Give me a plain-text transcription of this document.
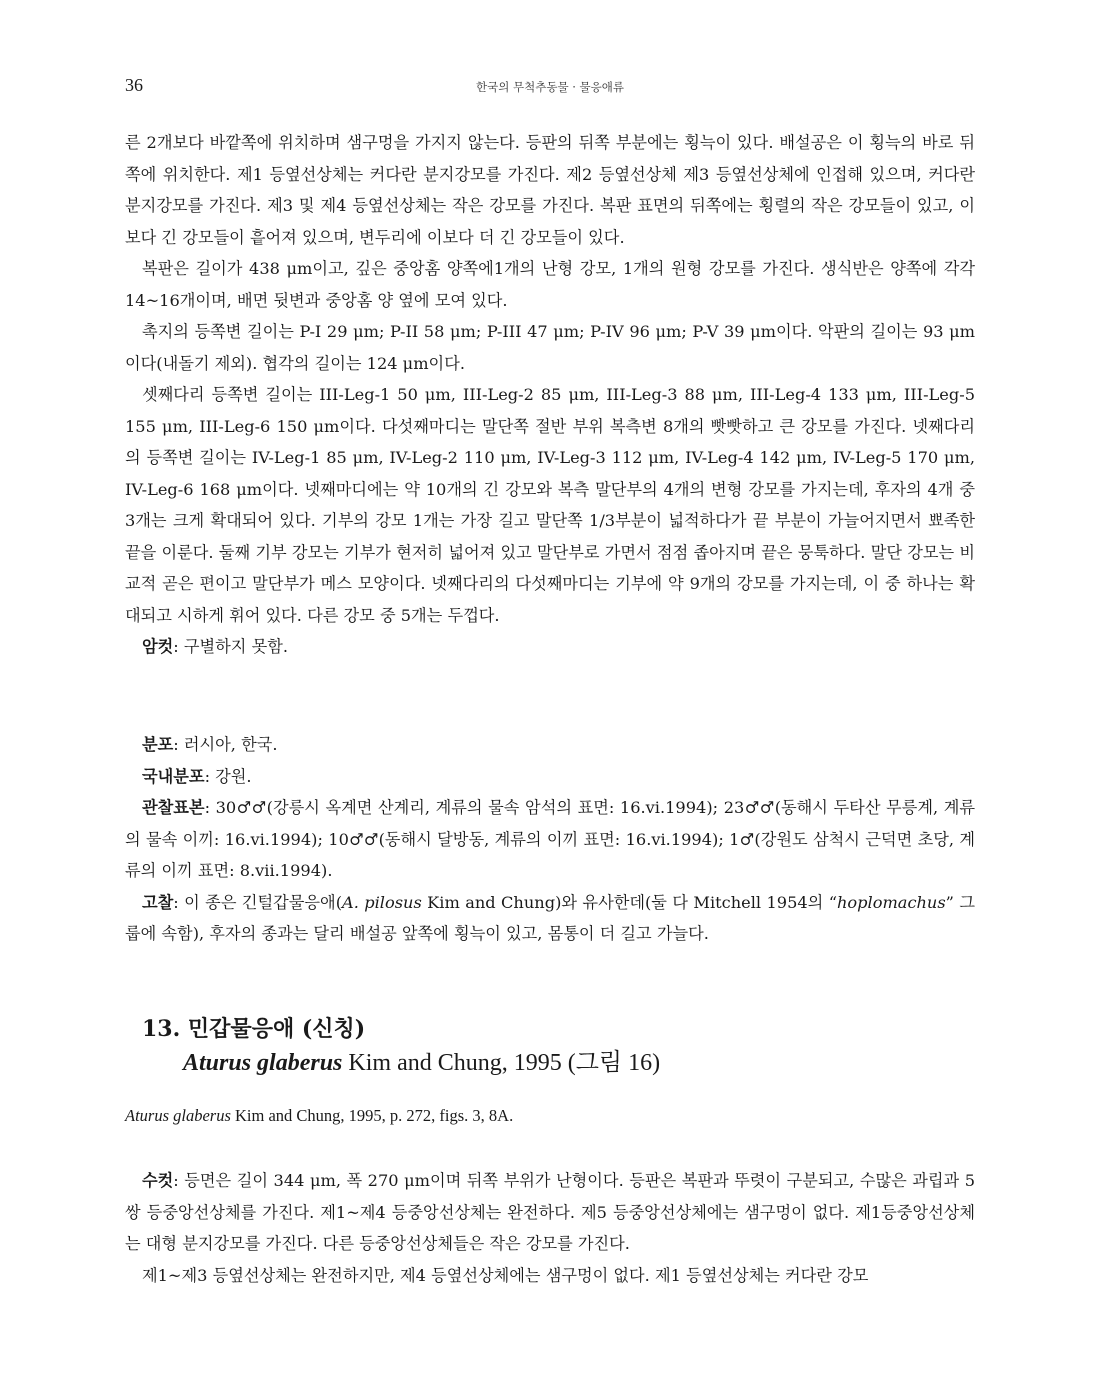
36	한국의 무척추동물 · 물응애류

른 2개보다 바깥쪽에 위치하며 샘구멍을 가지지 않는다. 등판의 뒤쪽 부분에는 횡늑이 있다. 배설공은 이 횡늑의 바로 뒤쪽에 위치한다. 제1 등옆선상체는 커다란 분지강모를 가진다. 제2 등옆선상체 제3 등옆선상체에 인접해 있으며, 커다란 분지강모를 가진다. 제3 및 제4 등옆선상체는 작은 강모를 가진다. 복판 표면의 뒤쪽에는 횡렬의 작은 강모들이 있고, 이보다 긴 강모들이 흩어져 있으며, 변두리에 이보다 더 긴 강모들이 있다.

복판은 길이가 438 μm이고, 깊은 중앙홈 양쪽에1개의 난형 강모, 1개의 원형 강모를 가진다. 생식반은 양쪽에 각각 14~16개이며, 배면 뒷변과 중앙홈 양 옆에 모여 있다.

촉지의 등쪽변 길이는 P-I 29 μm; P-II 58 μm; P-III 47 μm; P-IV 96 μm; P-V 39 μm이다. 악판의 길이는 93 μm이다(내돌기 제외). 협각의 길이는 124 μm이다.

셋째다리 등쪽변 길이는 III-Leg-1 50 μm, III-Leg-2 85 μm, III-Leg-3 88 μm, III-Leg-4 133 μm, III-Leg-5 155 μm, III-Leg-6 150 μm이다. 다섯째마디는 말단쪽 절반 부위 복측변 8개의 빳빳하고 큰 강모를 가진다. 넷째다리의 등쪽변 길이는 IV-Leg-1 85 μm, IV-Leg-2 110 μm, IV-Leg-3 112 μm, IV-Leg-4 142 μm, IV-Leg-5 170 μm, IV-Leg-6 168 μm이다. 넷째마디에는 약 10개의 긴 강모와 복측 말단부의 4개의 변형 강모를 가지는데, 후자의 4개 중 3개는 크게 확대되어 있다. 기부의 강모 1개는 가장 길고 말단쪽 1/3부분이 넓적하다가 끝 부분이 가늘어지면서 뾰족한 끝을 이룬다. 둘째 기부 강모는 기부가 현저히 넓어져 있고 말단부로 가면서 점점 좁아지며 끝은 뭉툭하다. 말단 강모는 비교적 곧은 편이고 말단부가 메스 모양이다. 넷째다리의 다섯째마디는 기부에 약 9개의 강모를 가지는데, 이 중 하나는 확대되고 시하게 휘어 있다. 다른 강모 중 5개는 두껍다.

암컷: 구별하지 못함.

분포: 러시아, 한국.

국내분포: 강원.

관찰표본: 30♂♂(강릉시 옥계면 산계리, 계류의 물속 암석의 표면: 16.vi.1994); 23♂♂(동해시 두타산 무릉계, 계류의 물속 이끼: 16.vi.1994); 10♂♂(동해시 달방동, 계류의 이끼 표면: 16.vi.1994); 1♂(강원도 삼척시 근덕면 초당, 계류의 이끼 표면: 8.vii.1994).

고찰: 이 종은 긴털갑물응애(A. pilosus Kim and Chung)와 유사한데(둘 다 Mitchell 1954의 “hoplomachus” 그룹에 속함), 후자의 종과는 달리 배설공 앞쪽에 횡늑이 있고, 몸통이 더 길고 가늘다.

13. 민갑물응애 (신칭)
Aturus glaberus Kim and Chung, 1995 (그림 16)
Aturus glaberus Kim and Chung, 1995, p. 272, figs. 3, 8A.

수컷: 등면은 길이 344 μm, 폭 270 μm이며 뒤쪽 부위가 난형이다. 등판은 복판과 뚜렷이 구분되고, 수많은 과립과 5쌍 등중앙선상체를 가진다. 제1~제4 등중앙선상체는 완전하다. 제5 등중앙선상체에는 샘구멍이 없다. 제1등중앙선상체는 대형 분지강모를 가진다. 다른 등중앙선상체들은 작은 강모를 가진다.

제1~제3 등옆선상체는 완전하지만, 제4 등옆선상체에는 샘구멍이 없다. 제1 등옆선상체는 커다란 강모
